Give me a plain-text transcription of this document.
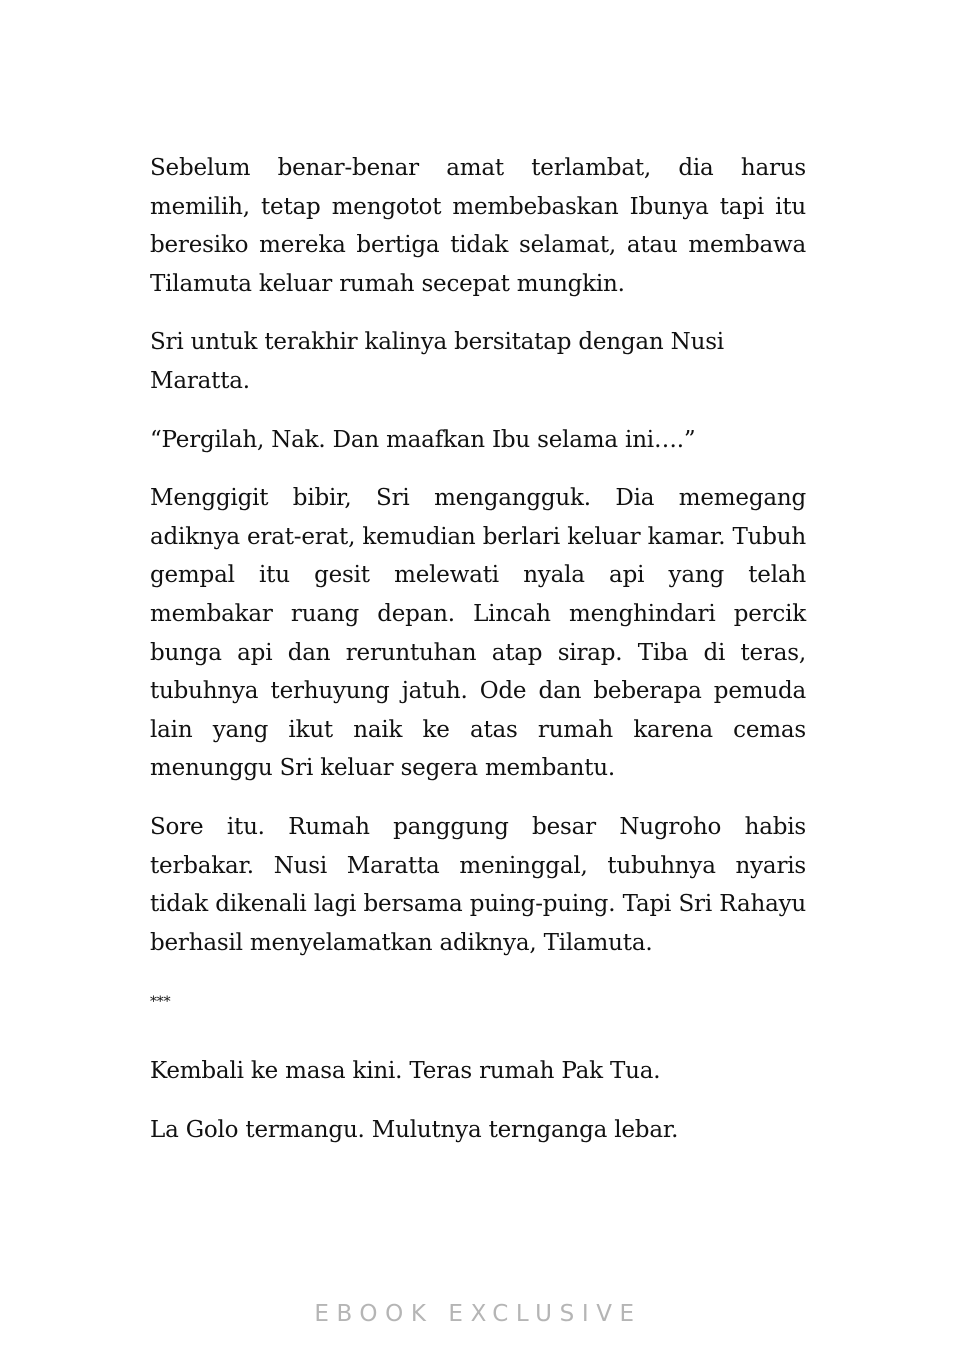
Sebelum benar-benar amat terlambat, dia harus memilih, tetap mengotot membebaskan Ibunya tapi itu beresiko mereka bertiga tidak selamat, atau membawa Tilamuta keluar rumah secepat mungkin.

Sri untuk terakhir kalinya bersitatap dengan Nusi Maratta.

“Pergilah, Nak. Dan maafkan Ibu selama ini….”

Menggigit bibir, Sri mengangguk. Dia memegang adiknya erat-erat, kemudian berlari keluar kamar. Tubuh gempal itu gesit melewati nyala api yang telah membakar ruang depan. Lincah menghindari percik bunga api dan reruntuhan atap sirap. Tiba di teras, tubuhnya terhuyung jatuh. Ode dan beberapa pemuda lain yang ikut naik ke atas rumah karena cemas menunggu Sri keluar segera membantu.

Sore itu. Rumah panggung besar Nugroho habis terbakar. Nusi Maratta meninggal, tubuhnya nyaris tidak dikenali lagi bersama puing-puing. Tapi Sri Rahayu berhasil menyelamatkan adiknya, Tilamuta.

***

Kembali ke masa kini. Teras rumah Pak Tua.

La Golo termangu. Mulutnya ternganga lebar.

EBOOK EXCLUSIVE
